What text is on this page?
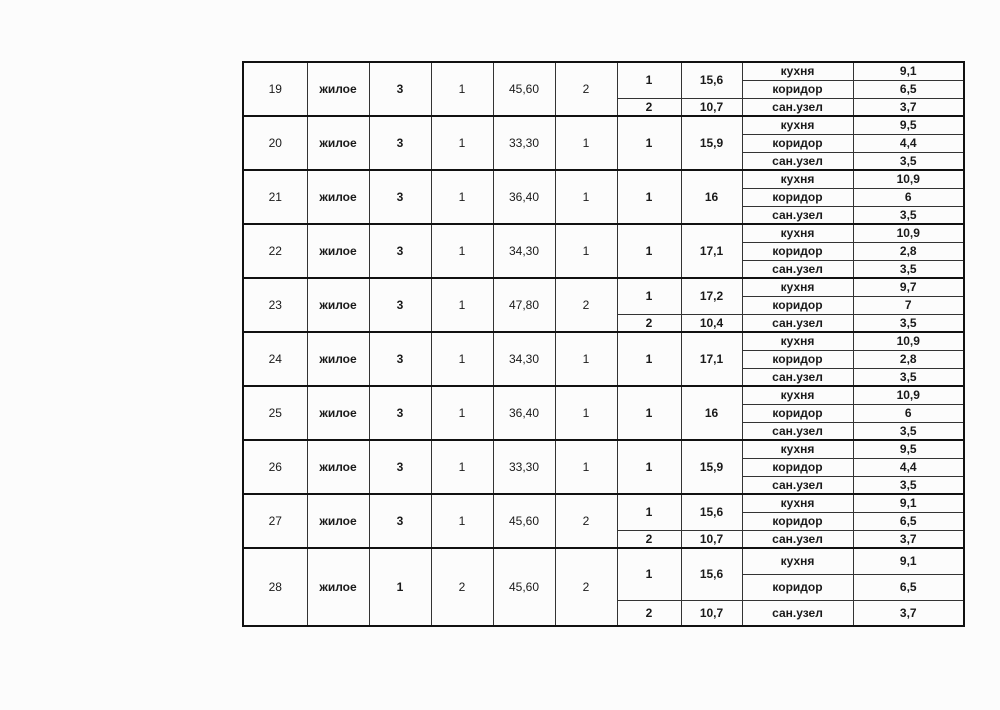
19	жилое	3	1	45,60	2	1	15,6	кухня	9,1
								коридор	6,5
						2	10,7	сан.узел	3,7
20	жилое	3	1	33,30	1	1	15,9	кухня	9,5
								коридор	4,4
								сан.узел	3,5
21	жилое	3	1	36,40	1	1	16	кухня	10,9
								коридор	6
								сан.узел	3,5
22	жилое	3	1	34,30	1	1	17,1	кухня	10,9
								коридор	2,8
								сан.узел	3,5
23	жилое	3	1	47,80	2	1	17,2	кухня	9,7
								коридор	7
						2	10,4	сан.узел	3,5
24	жилое	3	1	34,30	1	1	17,1	кухня	10,9
								коридор	2,8
								сан.узел	3,5
25	жилое	3	1	36,40	1	1	16	кухня	10,9
								коридор	6
								сан.узел	3,5
26	жилое	3	1	33,30	1	1	15,9	кухня	9,5
								коридор	4,4
								сан.узел	3,5
27	жилое	3	1	45,60	2	1	15,6	кухня	9,1
								коридор	6,5
						2	10,7	сан.узел	3,7
28	жилое	1	2	45,60	2	1	15,6	кухня	9,1
								коридор	6,5
						2	10,7	сан.узел	3,7
